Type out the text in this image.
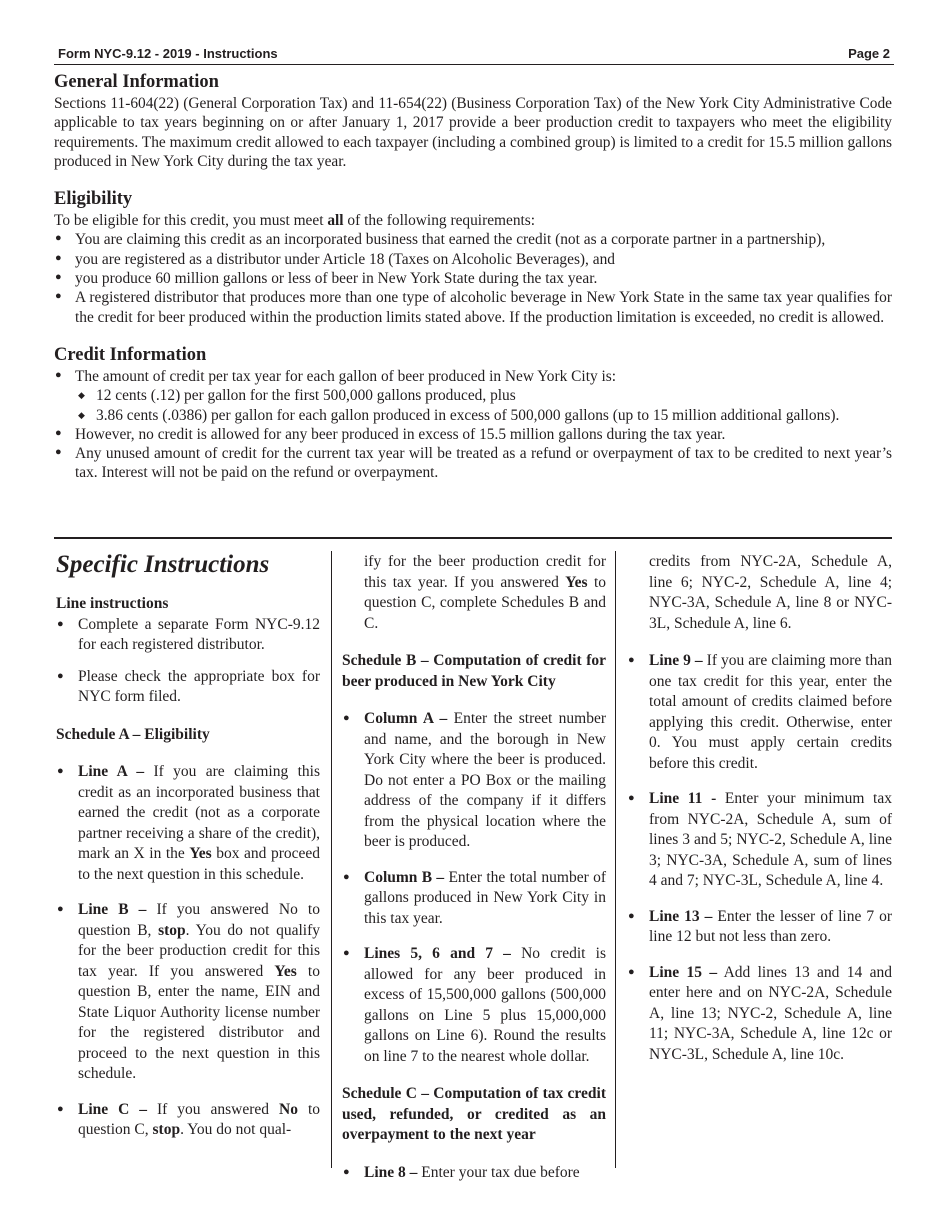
Form NYC-9.12 - 2019 - Instructions	Page 2
General Information

Sections 11-604(22) (General Corporation Tax) and 11-654(22) (Business Corporation Tax) of the New York City Administrative Code applicable to tax years beginning on or after January 1, 2017 provide a beer production credit to taxpayers who meet the eligibility requirements. The maximum credit allowed to each taxpayer (including a combined group) is limited to a credit for 15.5 million gallons produced in New York City during the tax year.

Eligibility

To be eligible for this credit, you must meet all of the following requirements:

● You are claiming this credit as an incorporated business that earned the credit (not as a corporate partner in a partnership),
● you are registered as a distributor under Article 18 (Taxes on Alcoholic Beverages), and
● you produce 60 million gallons or less of beer in New York State during the tax year.
● A registered distributor that produces more than one type of alcoholic beverage in New York State in the same tax year qualifies for the credit for beer produced within the production limits stated above. If the production limitation is exceeded, no credit is allowed.
Credit Information
● The amount of credit per tax year for each gallon of beer produced in New York City is:
◆ 12 cents (.12) per gallon for the first 500,000 gallons produced, plus
◆ 3.86 cents (.0386) per gallon for each gallon produced in excess of 500,000 gallons (up to 15 million additional gallons).
● However, no credit is allowed for any beer produced in excess of 15.5 million gallons during the tax year.
● Any unused amount of credit for the current tax year will be treated as a refund or overpayment of tax to be credited to next year’s tax. Interest will not be paid on the refund or overpayment.
Specific Instructions

Line instructions

● Complete a separate Form NYC-9.12 for each registered distributor.
● Please check the appropriate box for NYC form filed.

Schedule A – Eligibility

● Line A – If you are claiming this credit as an incorporated business that earned the credit (not as a corporate partner receiving a share of the credit), mark an X in the Yes box and proceed to the next question in this schedule.
● Line B – If you answered No to question B, stop. You do not qualify for the beer production credit for this tax year. If you answered Yes to question B, enter the name, EIN and State Liquor Authority license number for the registered distributor and proceed to the next question in this schedule.
● Line C – If you answered No to question C, stop. You do not qual-

ify for the beer production credit for this tax year. If you answered Yes to question C, complete Schedules B and C.

Schedule B – Computation of credit for beer produced in New York City

● Column A – Enter the street number and name, and the borough in New York City where the beer is produced. Do not enter a PO Box or the mailing address of the company if it differs from the physical location where the beer is produced.
● Column B – Enter the total number of gallons produced in New York City in this tax year.
● Lines 5, 6 and 7 – No credit is allowed for any beer produced in excess of 15,500,000 gallons (500,000 gallons on Line 5 plus 15,000,000 gallons on Line 6). Round the results on line 7 to the nearest whole dollar.

Schedule C – Computation of tax credit used, refunded, or credited as an overpayment to the next year

● Line 8 – Enter your tax due before

credits from NYC-2A, Schedule A, line 6; NYC-2, Schedule A, line 4; NYC-3A, Schedule A, line 8 or NYC-3L, Schedule A, line 6.

● Line 9 – If you are claiming more than one tax credit for this year, enter the total amount of credits claimed before applying this credit. Otherwise, enter 0. You must apply certain credits before this credit.
● Line 11 - Enter your minimum tax from NYC-2A, Schedule A, sum of lines 3 and 5; NYC-2, Schedule A, line 3; NYC-3A, Schedule A, sum of lines 4 and 7; NYC-3L, Schedule A, line 4.
● Line 13 – Enter the lesser of line 7 or line 12 but not less than zero.
● Line 15 – Add lines 13 and 14 and enter here and on NYC-2A, Schedule A, line 13; NYC-2, Schedule A, line 11; NYC-3A, Schedule A, line 12c or NYC-3L, Schedule A, line 10c.
